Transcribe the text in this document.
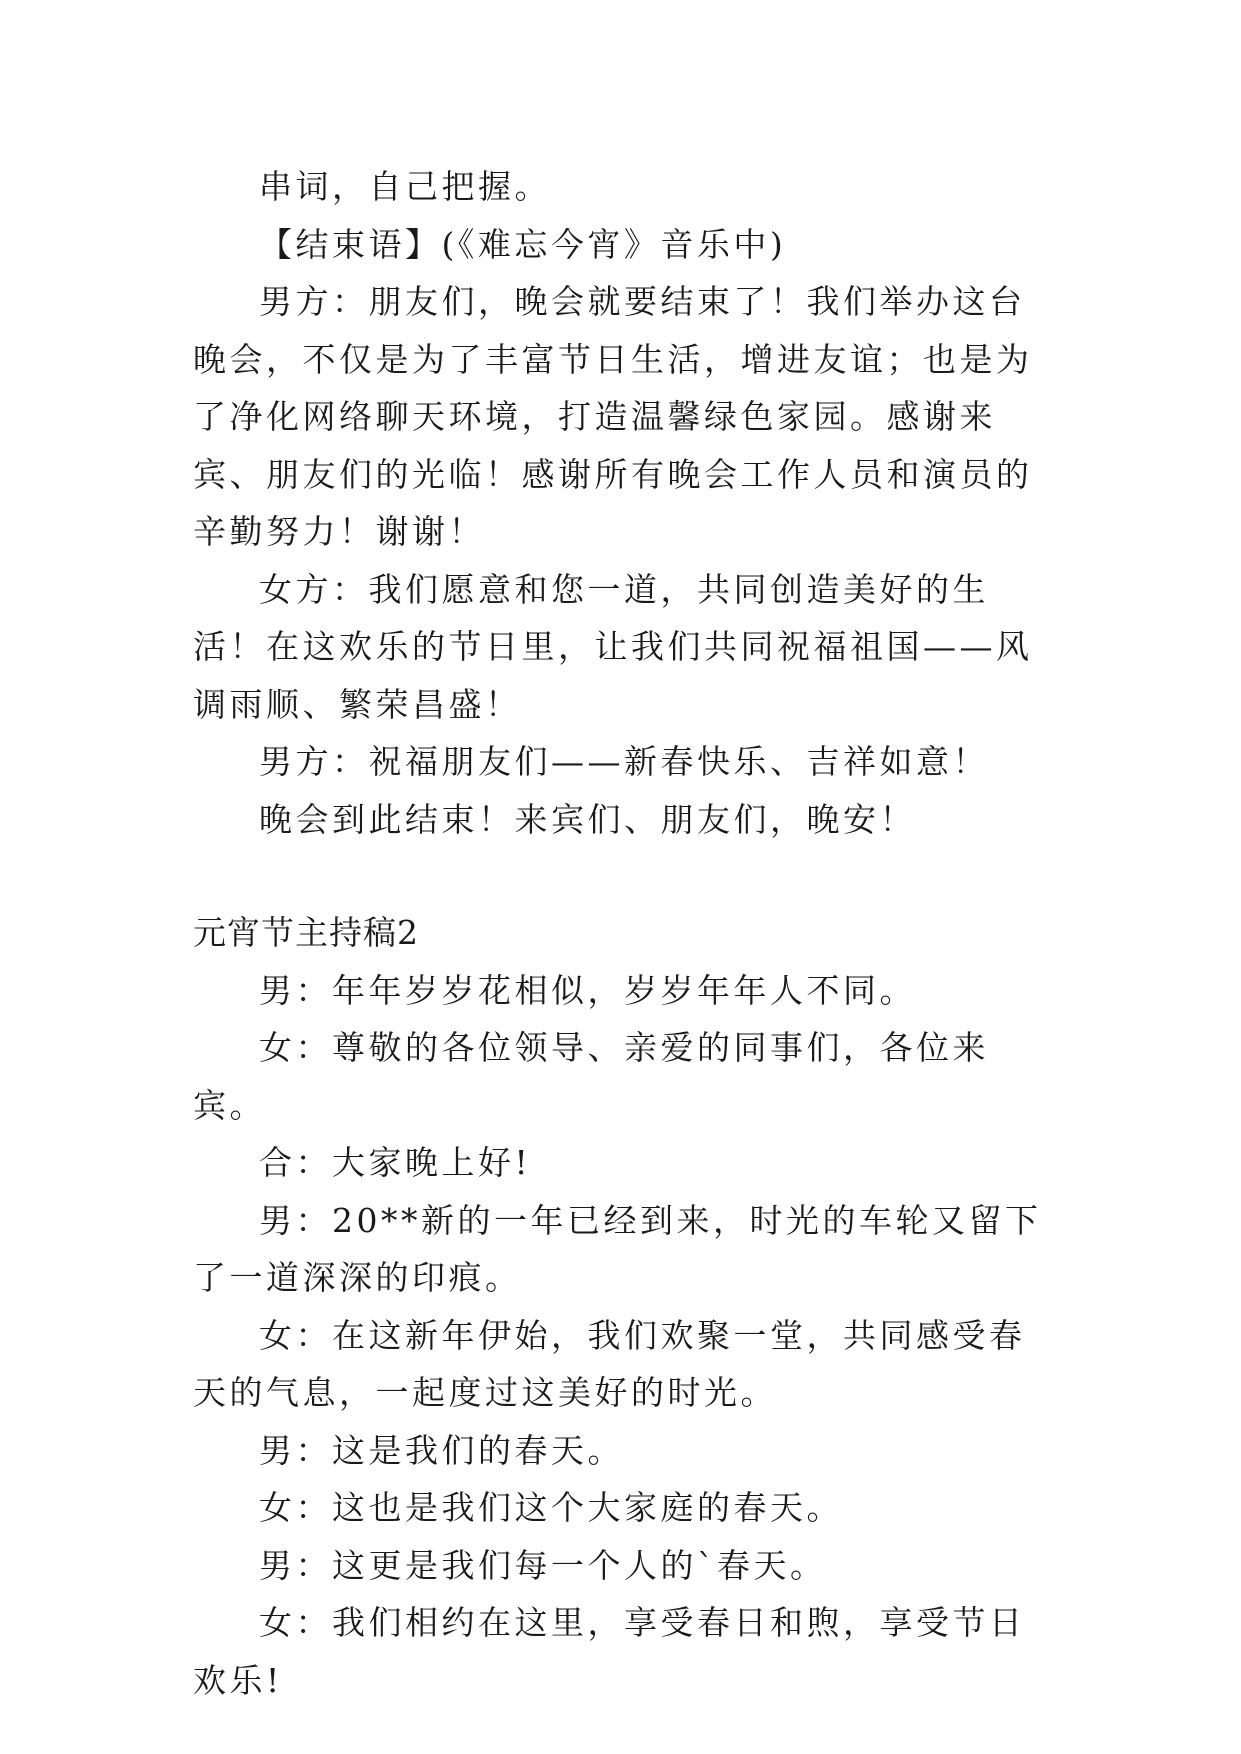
串词，自己把握。

【结束语】(《难忘今宵》音乐中)

男方：朋友们，晚会就要结束了！我们举办这台晚会，不仅是为了丰富节日生活，增进友谊；也是为了净化网络聊天环境，打造温馨绿色家园。感谢来宾、朋友们的光临！感谢所有晚会工作人员和演员的辛勤努力！谢谢！

女方：我们愿意和您一道，共同创造美好的生活！在这欢乐的节日里，让我们共同祝福祖国——风调雨顺、繁荣昌盛！

男方：祝福朋友们——新春快乐、吉祥如意！

晚会到此结束！来宾们、朋友们，晚安！

元宵节主持稿2

男：年年岁岁花相似，岁岁年年人不同。

女：尊敬的各位领导、亲爱的同事们，各位来宾。

合：大家晚上好!

男：20**新的一年已经到来，时光的车轮又留下了一道深深的印痕。

女：在这新年伊始，我们欢聚一堂，共同感受春天的气息，一起度过这美好的时光。

男：这是我们的春天。

女：这也是我们这个大家庭的春天。

男：这更是我们每一个人的`春天。

女：我们相约在这里，享受春日和煦，享受节日欢乐!
